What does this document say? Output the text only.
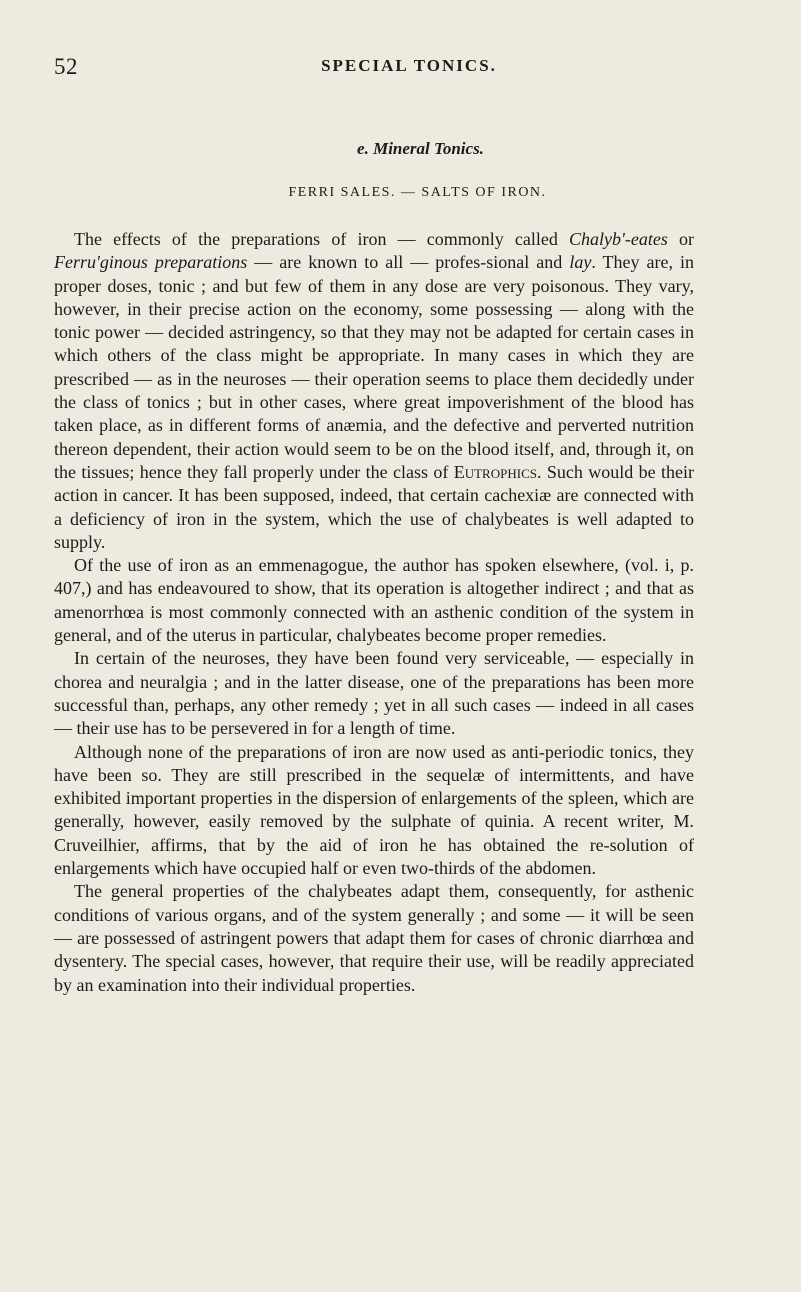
52	SPECIAL TONICS.
e. Mineral Tonics.
FERRI SALES. — SALTS OF IRON.

The effects of the preparations of iron — commonly called Chalyb'-eates or Ferru'ginous preparations — are known to all — profes-sional and lay. They are, in proper doses, tonic ; and but few of them in any dose are very poisonous. They vary, however, in their precise action on the economy, some possessing — along with the tonic power — decided astringency, so that they may not be adapted for certain cases in which others of the class might be appropriate. In many cases in which they are prescribed — as in the neuroses — their operation seems to place them decidedly under the class of tonics ; but in other cases, where great impoverishment of the blood has taken place, as in different forms of anæmia, and the defective and perverted nutrition thereon dependent, their action would seem to be on the blood itself, and, through it, on the tissues; hence they fall properly under the class of Eutrophics. Such would be their action in cancer. It has been supposed, indeed, that certain cachexiæ are connected with a deficiency of iron in the system, which the use of chalybeates is well adapted to supply.

Of the use of iron as an emmenagogue, the author has spoken elsewhere, (vol. i, p. 407,) and has endeavoured to show, that its operation is altogether indirect ; and that as amenorrhœa is most commonly connected with an asthenic condition of the system in general, and of the uterus in particular, chalybeates become proper remedies.

In certain of the neuroses, they have been found very serviceable, — especially in chorea and neuralgia ; and in the latter disease, one of the preparations has been more successful than, perhaps, any other remedy ; yet in all such cases — indeed in all cases — their use has to be persevered in for a length of time.

Although none of the preparations of iron are now used as anti-periodic tonics, they have been so. They are still prescribed in the sequelæ of intermittents, and have exhibited important properties in the dispersion of enlargements of the spleen, which are generally, however, easily removed by the sulphate of quinia. A recent writer, M. Cruveilhier, affirms, that by the aid of iron he has obtained the re-solution of enlargements which have occupied half or even two-thirds of the abdomen.

The general properties of the chalybeates adapt them, consequently, for asthenic conditions of various organs, and of the system generally ; and some — it will be seen — are possessed of astringent powers that adapt them for cases of chronic diarrhœa and dysentery. The special cases, however, that require their use, will be readily appreciated by an examination into their individual properties.
